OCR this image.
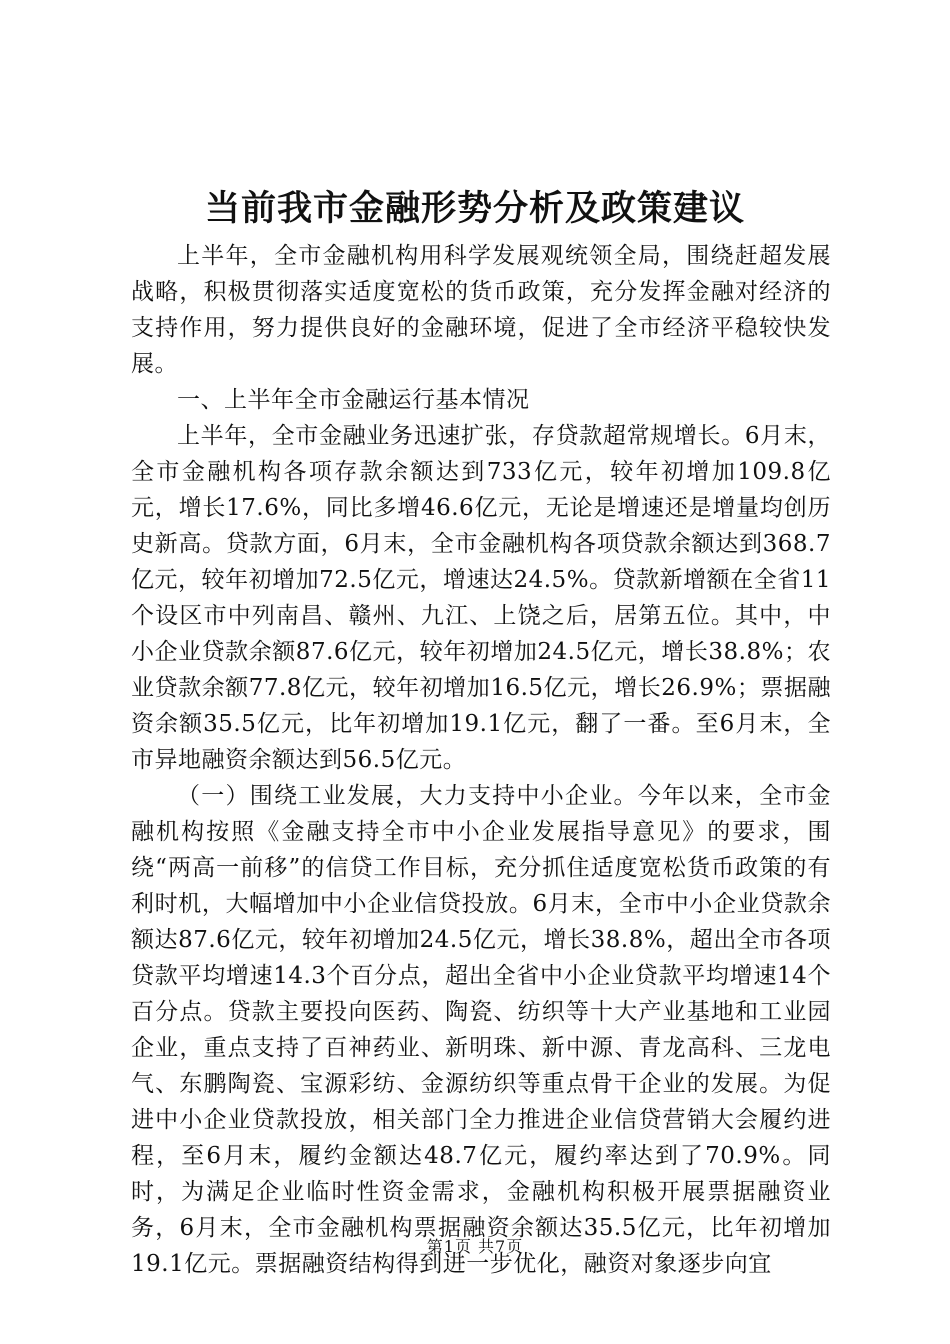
当前我市金融形势分析及政策建议

上半年，全市金融机构用科学发展观统领全局，围绕赶超发展战略，积极贯彻落实适度宽松的货币政策，充分发挥金融对经济的支持作用，努力提供良好的金融环境，促进了全市经济平稳较快发展。

一、上半年全市金融运行基本情况

上半年，全市金融业务迅速扩张，存贷款超常规增长。6月末，全市金融机构各项存款余额达到733亿元，较年初增加109.8亿元，增长17.6%，同比多增46.6亿元，无论是增速还是增量均创历史新高。贷款方面，6月末，全市金融机构各项贷款余额达到368.7亿元，较年初增加72.5亿元，增速达24.5%。贷款新增额在全省11个设区市中列南昌、赣州、九江、上饶之后，居第五位。其中，中小企业贷款余额87.6亿元，较年初增加24.5亿元，增长38.8%；农业贷款余额77.8亿元，较年初增加16.5亿元，增长26.9%；票据融资余额35.5亿元，比年初增加19.1亿元，翻了一番。至6月末，全市异地融资余额达到56.5亿元。

（一）围绕工业发展，大力支持中小企业。今年以来，全市金融机构按照《金融支持全市中小企业发展指导意见》的要求，围绕“两高一前移”的信贷工作目标，充分抓住适度宽松货币政策的有利时机，大幅增加中小企业信贷投放。6月末，全市中小企业贷款余额达87.6亿元，较年初增加24.5亿元，增长38.8%，超出全市各项贷款平均增速14.3个百分点，超出全省中小企业贷款平均增速14个百分点。贷款主要投向医药、陶瓷、纺织等十大产业基地和工业园企业，重点支持了百神药业、新明珠、新中源、青龙高科、三龙电气、东鹏陶瓷、宝源彩纺、金源纺织等重点骨干企业的发展。为促进中小企业贷款投放，相关部门全力推进企业信贷营销大会履约进程，至6月末，履约金额达48.7亿元，履约率达到了70.9%。同时，为满足企业临时性资金需求，金融机构积极开展票据融资业务，6月末，全市金融机构票据融资余额达35.5亿元，比年初增加19.1亿元。票据融资结构得到进一步优化，融资对象逐步向宜

第1页 共7页
